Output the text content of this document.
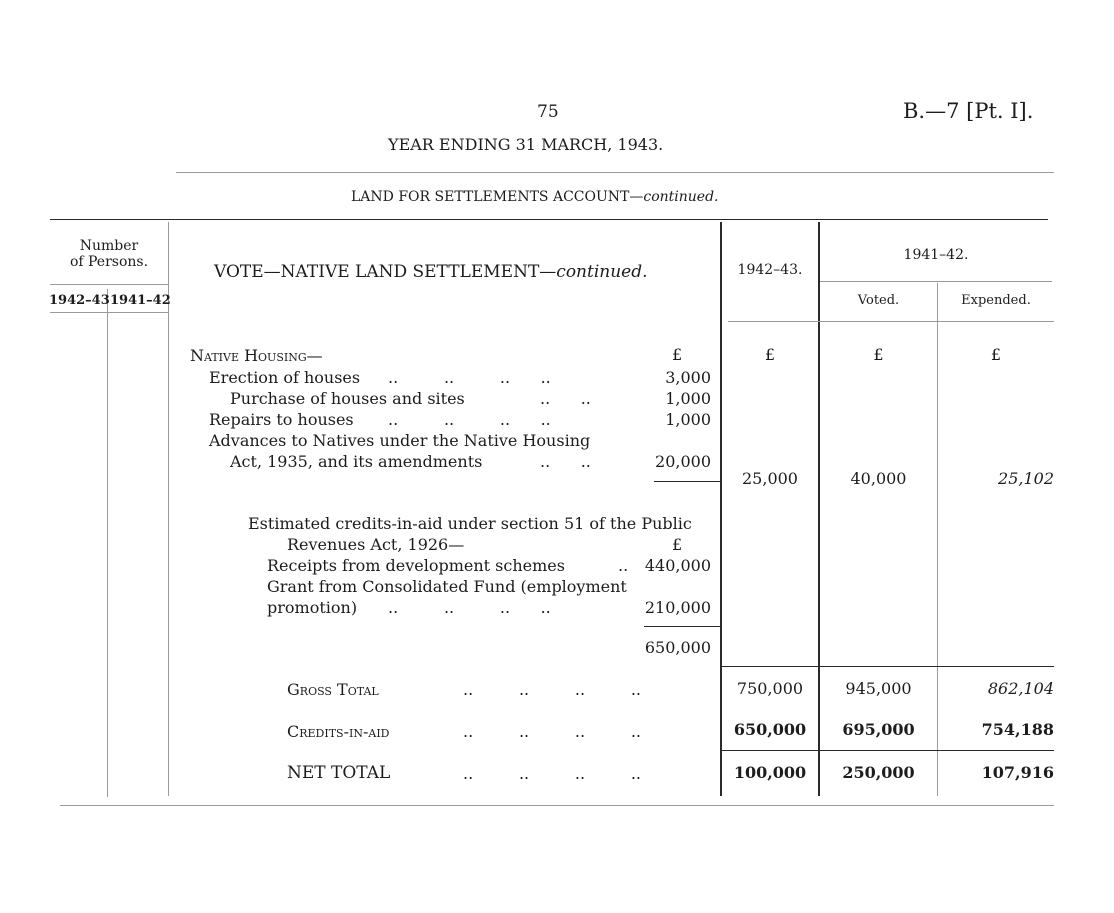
75	B.—7 [Pt. I].
YEAR ENDING 31 MARCH, 1943.
LAND FOR SETTLEMENTS ACCOUNT—continued.
Number
of Persons.
1942–43 1941–42
VOTE—NATIVE LAND SETTLEMENT—continued.	1942–43.
1941–42.
Voted.	Expended.
Native Housing—	£	£	£	£
Erection of houses ..         ..         ..      ..	3,000
Purchase of houses and sites	..      ..	1,000
Repairs to houses ..         ..         ..      ..	1,000
Advances to Natives under the Native Housing
Act, 1935, and its amendments	..      ..	20,000
25,000	40,000	25,102
Estimated credits-in-aid under section 51 of the Public
Revenues Act, 1926—	£
Receipts from development schemes	..	440,000
Grant from Consolidated Fund (employment
promotion) ..         ..         ..      ..	210,000
650,000
Gross Total	..         ..         ..         ..	750,000	945,000	862,104
Credits-in-aid	..         ..         ..         ..	650,000	695,000	754,188
NET TOTAL	..         ..         ..         ..	100,000	250,000	107,916
